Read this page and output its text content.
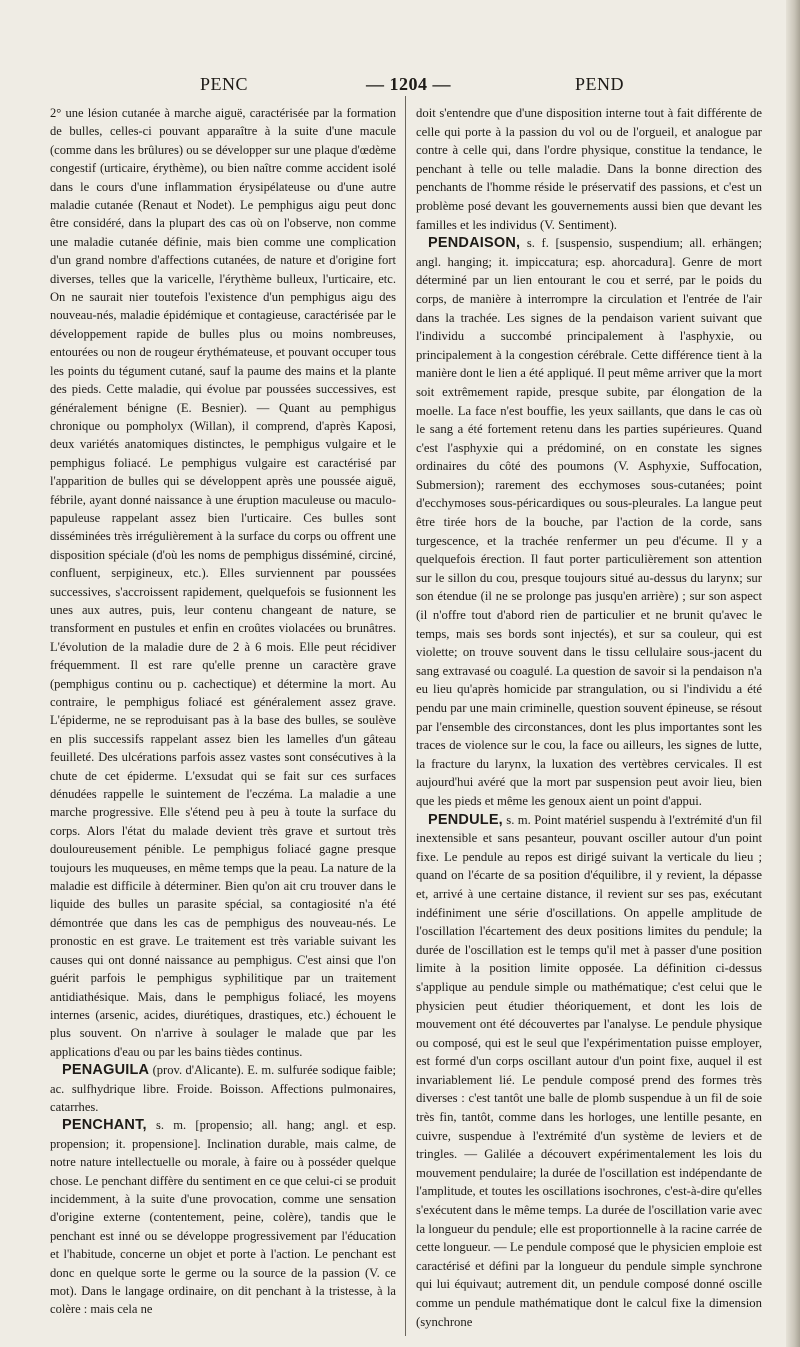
PENC	— 1204 —	PEND

2° une lésion cutanée à marche aiguë, caractérisée par la formation de bulles, celles-ci pouvant apparaître à la suite d'une macule (comme dans les brûlures) ou se développer sur une plaque d'œdème congestif (urticaire, érythème), ou bien naître comme accident isolé dans le cours d'une inflammation érysipélateuse ou d'une autre maladie cutanée (Renaut et Nodet). Le pemphigus aigu peut donc être considéré, dans la plupart des cas où on l'observe, non comme une maladie cutanée définie, mais bien comme une complication d'un grand nombre d'affections cutanées, de nature et d'origine fort diverses, telles que la varicelle, l'érythème bulleux, l'urticaire, etc. On ne saurait nier toutefois l'existence d'un pemphigus aigu des nouveau-nés, maladie épidémique et contagieuse, caractérisée par le développement rapide de bulles plus ou moins nombreuses, entourées ou non de rougeur érythémateuse, et pouvant occuper tous les points du tégument cutané, sauf la paume des mains et la plante des pieds. Cette maladie, qui évolue par poussées successives, est généralement bénigne (E. Besnier). — Quant au pemphigus chronique ou pompholyx (Willan), il comprend, d'après Kaposi, deux variétés anatomiques distinctes, le pemphigus vulgaire et le pemphigus foliacé. Le pemphigus vulgaire est caractérisé par l'apparition de bulles qui se développent après une poussée aiguë, fébrile, ayant donné naissance à une éruption maculeuse ou maculo-papuleuse rappelant assez bien l'urticaire. Ces bulles sont disséminées très irrégulièrement à la surface du corps ou offrent une disposition spéciale (d'où les noms de pemphigus disséminé, circiné, confluent, serpigineux, etc.). Elles surviennent par poussées successives, s'accroissent rapidement, quelquefois se fusionnent les unes aux autres, puis, leur contenu changeant de nature, se transforment en pustules et enfin en croûtes violacées ou brunâtres. L'évolution de la maladie dure de 2 à 6 mois. Elle peut récidiver fréquemment. Il est rare qu'elle prenne un caractère grave (pemphigus continu ou p. cachectique) et détermine la mort. Au contraire, le pemphigus foliacé est généralement assez grave. L'épiderme, ne se reproduisant pas à la base des bulles, se soulève en plis successifs rappelant assez bien les lamelles d'un gâteau feuilleté. Des ulcérations parfois assez vastes sont consécutives à la chute de cet épiderme. L'exsudat qui se fait sur ces surfaces dénudées rappelle le suintement de l'eczéma. La maladie a une marche progressive. Elle s'étend peu à peu à toute la surface du corps. Alors l'état du malade devient très grave et surtout très douloureusement pénible. Le pemphigus foliacé gagne presque toujours les muqueuses, en même temps que la peau. La nature de la maladie est difficile à déterminer. Bien qu'on ait cru trouver dans le liquide des bulles un parasite spécial, sa contagiosité n'a été démontrée que dans les cas de pemphigus des nouveau-nés. Le pronostic en est grave. Le traitement est très variable suivant les causes qui ont donné naissance au pemphigus. C'est ainsi que l'on guérit parfois le pemphigus syphilitique par un traitement antidiathésique. Mais, dans le pemphigus foliacé, les moyens internes (arsenic, acides, diurétiques, drastiques, etc.) échouent le plus souvent. On n'arrive à soulager le malade que par les applications d'eau ou par les bains tièdes continus.

PENAGUILA (prov. d'Alicante). E. m. sulfurée sodique faible; ac. sulfhydrique libre. Froide. Boisson. Affections pulmonaires, catarrhes.

PENCHANT, s. m. [propensio; all. hang; angl. et esp. propension; it. propensione]. Inclination durable, mais calme, de notre nature intellectuelle ou morale, à faire ou à posséder quelque chose. Le penchant diffère du sentiment en ce que celui-ci se produit incidemment, à la suite d'une provocation, comme une sensation d'origine externe (contentement, peine, colère), tandis que le penchant est inné ou se développe progressivement par l'éducation et l'habitude, concerne un objet et porte à l'action. Le penchant est donc en quelque sorte le germe ou la source de la passion (V. ce mot). Dans le langage ordinaire, on dit penchant à la tristesse, à la colère : mais cela ne

doit s'entendre que d'une disposition interne tout à fait différente de celle qui porte à la passion du vol ou de l'orgueil, et analogue par contre à celle qui, dans l'ordre physique, constitue la tendance, le penchant à telle ou telle maladie. Dans la bonne direction des penchants de l'homme réside le préservatif des passions, et c'est un problème posé devant les gouvernements aussi bien que devant les familles et les individus (V. Sentiment).

PENDAISON, s. f. [suspensio, suspendium; all. erhängen; angl. hanging; it. impiccatura; esp. ahorcadura]. Genre de mort déterminé par un lien entourant le cou et serré, par le poids du corps, de manière à interrompre la circulation et l'entrée de l'air dans la trachée. Les signes de la pendaison varient suivant que l'individu a succombé principalement à l'asphyxie, ou principalement à la congestion cérébrale. Cette différence tient à la manière dont le lien a été appliqué. Il peut même arriver que la mort soit extrêmement rapide, presque subite, par élongation de la moelle. La face n'est bouffie, les yeux saillants, que dans le cas où le sang a été fortement retenu dans les parties supérieures. Quand c'est l'asphyxie qui a prédominé, on en constate les signes ordinaires du côté des poumons (V. Asphyxie, Suffocation, Submersion); rarement des ecchymoses sous-cutanées; point d'ecchymoses sous-péricardiques ou sous-pleurales. La langue peut être tirée hors de la bouche, par l'action de la corde, sans turgescence, et la trachée renfermer un peu d'écume. Il y a quelquefois érection. Il faut porter particulièrement son attention sur le sillon du cou, presque toujours situé au-dessus du larynx; sur son étendue (il ne se prolonge pas jusqu'en arrière) ; sur son aspect (il n'offre tout d'abord rien de particulier et ne brunit qu'avec le temps, mais ses bords sont injectés), et sur sa couleur, qui est violette; on trouve souvent dans le tissu cellulaire sous-jacent du sang extravasé ou coagulé. La question de savoir si la pendaison n'a eu lieu qu'après homicide par strangulation, ou si l'individu a été pendu par une main criminelle, question souvent épineuse, se résout par l'ensemble des circonstances, dont les plus importantes sont les traces de violence sur le cou, la face ou ailleurs, les signes de lutte, la fracture du larynx, la luxation des vertèbres cervicales. Il est aujourd'hui avéré que la mort par suspension peut avoir lieu, bien que les pieds et même les genoux aient un point d'appui.

PENDULE, s. m. Point matériel suspendu à l'extrémité d'un fil inextensible et sans pesanteur, pouvant osciller autour d'un point fixe. Le pendule au repos est dirigé suivant la verticale du lieu ; quand on l'écarte de sa position d'équilibre, il y revient, la dépasse et, arrivé à une certaine distance, il revient sur ses pas, exécutant indéfiniment une série d'oscillations. On appelle amplitude de l'oscillation l'écartement des deux positions limites du pendule; la durée de l'oscillation est le temps qu'il met à passer d'une position limite à la position limite opposée. La définition ci-dessus s'applique au pendule simple ou mathématique; c'est celui que le physicien peut étudier théoriquement, et dont les lois de mouvement ont été découvertes par l'analyse. Le pendule physique ou composé, qui est le seul que l'expérimentation puisse employer, est formé d'un corps oscillant autour d'un point fixe, auquel il est invariablement lié. Le pendule composé prend des formes très diverses : c'est tantôt une balle de plomb suspendue à un fil de soie très fin, tantôt, comme dans les horloges, une lentille pesante, en cuivre, suspendue à l'extrémité d'un système de leviers et de tringles. — Galilée a découvert expérimentalement les lois du mouvement pendulaire; la durée de l'oscillation est indépendante de l'amplitude, et toutes les oscillations isochrones, c'est-à-dire qu'elles s'exécutent dans le même temps. La durée de l'oscillation varie avec la longueur du pendule; elle est proportionnelle à la racine carrée de cette longueur. — Le pendule composé que le physicien emploie est caractérisé et défini par la longueur du pendule simple synchrone qui lui équivaut; autrement dit, un pendule composé donné oscille comme un pendule mathématique dont le calcul fixe la dimension (synchrone
